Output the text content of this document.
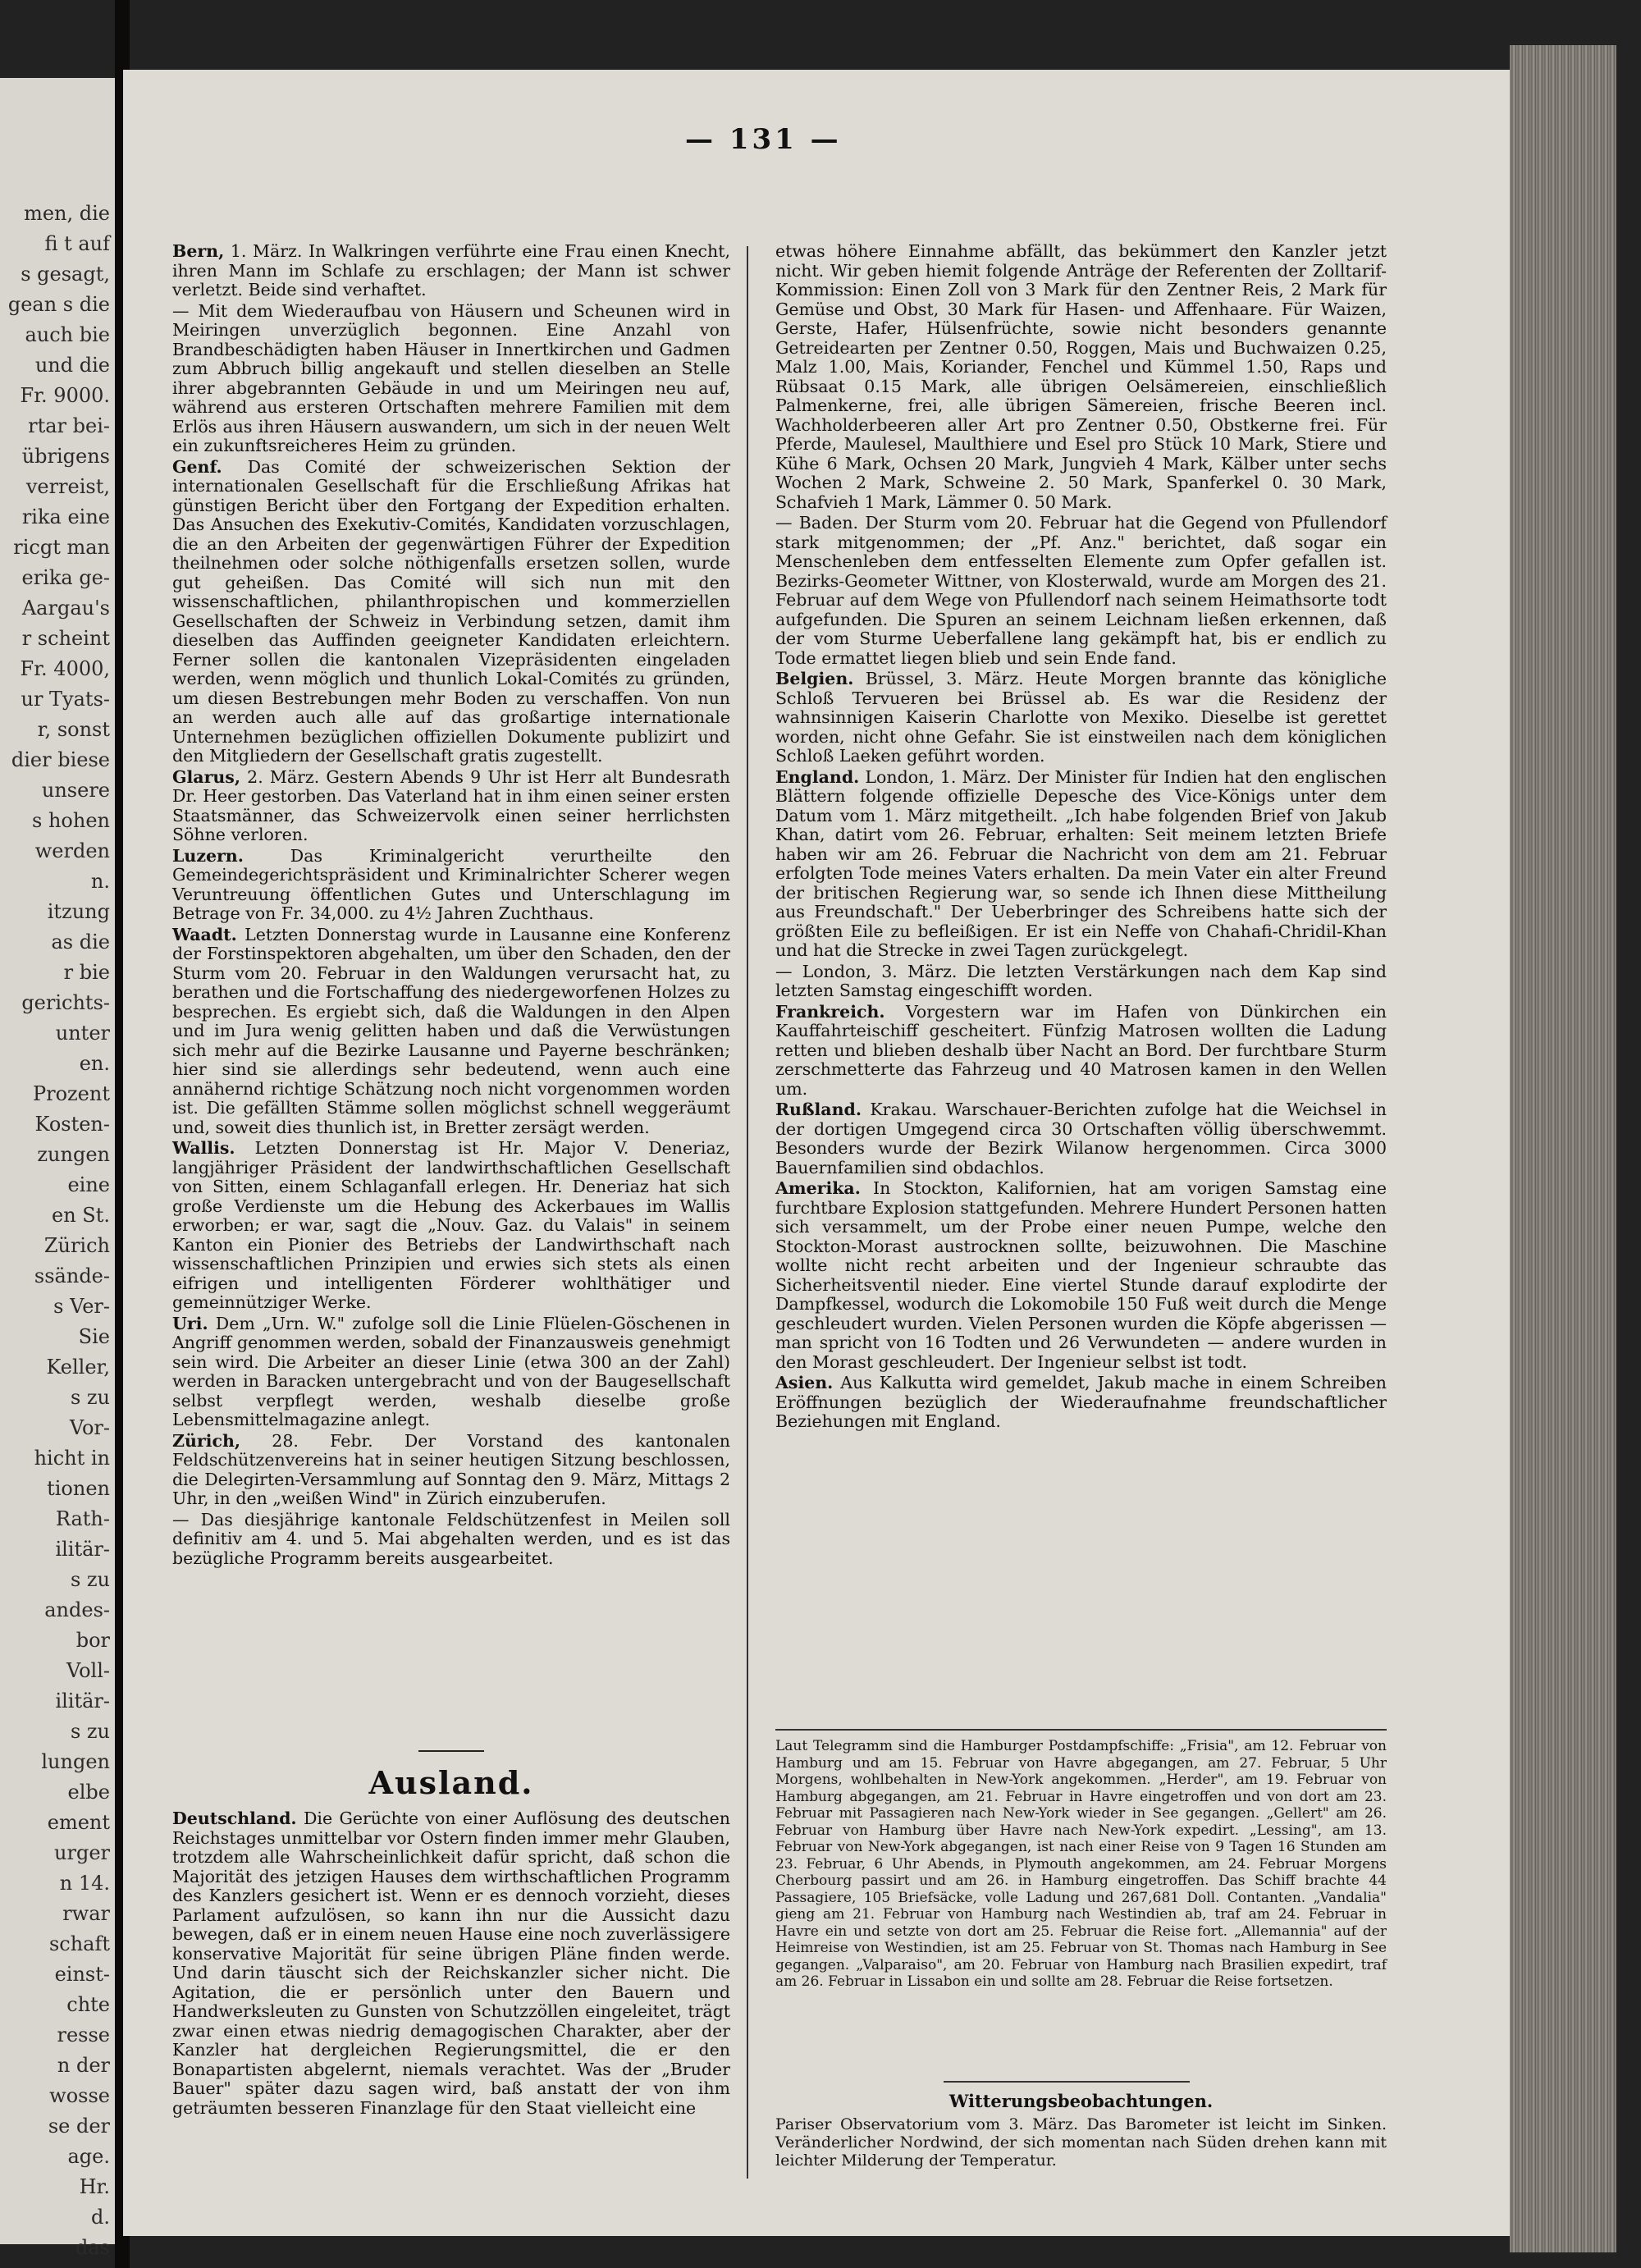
men, die
fi t auf
s gesagt,
gean s die
auch bie
und die
Fr. 9000.
rtar bei-
übrigens
verreist,
rika eine
ricgt man
erika ge-
Aargau's
r scheint
Fr. 4000,
ur Tyats-
r, sonst
dier biese
unsere
s hohen
werden
n.
itzung
as die
r bie
gerichts-
unter
en.
Prozent
Kosten-
zungen
eine
en St.
Zürich
ssände-
s Ver-
Sie
Keller,
s zu
Vor-
hicht in
tionen
Rath-
ilitär-
s zu
andes-
bor
Voll-
ilitär-
s zu
lungen
elbe
ement
urger
n 14.
rwar
schaft
einst-
chte
resse
n der
wosse
se der
age.
Hr.
d.
das
— 131 —

Bern, 1. März. In Walkringen verführte eine Frau einen Knecht, ihren Mann im Schlafe zu erschlagen; der Mann ist schwer verletzt. Beide sind verhaftet.

— Mit dem Wiederaufbau von Häusern und Scheunen wird in Meiringen unverzüglich begonnen. Eine Anzahl von Brandbeschädigten haben Häuser in Innertkirchen und Gadmen zum Abbruch billig angekauft und stellen dieselben an Stelle ihrer abgebrannten Gebäude in und um Meiringen neu auf, während aus ersteren Ortschaften mehrere Familien mit dem Erlös aus ihren Häusern auswandern, um sich in der neuen Welt ein zukunftsreicheres Heim zu gründen.

Genf. Das Comité der schweizerischen Sektion der internationalen Gesellschaft für die Erschließung Afrikas hat günstigen Bericht über den Fortgang der Expedition erhalten. Das Ansuchen des Exekutiv-Comités, Kandidaten vorzuschlagen, die an den Arbeiten der gegenwärtigen Führer der Expedition theilnehmen oder solche nöthigenfalls ersetzen sollen, wurde gut geheißen. Das Comité will sich nun mit den wissenschaftlichen, philanthropischen und kommerziellen Gesellschaften der Schweiz in Verbindung setzen, damit ihm dieselben das Auffinden geeigneter Kandidaten erleichtern. Ferner sollen die kantonalen Vizepräsidenten eingeladen werden, wenn möglich und thunlich Lokal-Comités zu gründen, um diesen Bestrebungen mehr Boden zu verschaffen. Von nun an werden auch alle auf das großartige internationale Unternehmen bezüglichen offiziellen Dokumente publizirt und den Mitgliedern der Gesellschaft gratis zugestellt.

Glarus, 2. März. Gestern Abends 9 Uhr ist Herr alt Bundesrath Dr. Heer gestorben. Das Vaterland hat in ihm einen seiner ersten Staatsmänner, das Schweizervolk einen seiner herrlichsten Söhne verloren.

Luzern. Das Kriminalgericht verurtheilte den Gemeindegerichtspräsident und Kriminalrichter Scherer wegen Veruntreuung öffentlichen Gutes und Unterschlagung im Betrage von Fr. 34,000. zu 4½ Jahren Zuchthaus.

Waadt. Letzten Donnerstag wurde in Lausanne eine Konferenz der Forstinspektoren abgehalten, um über den Schaden, den der Sturm vom 20. Februar in den Waldungen verursacht hat, zu berathen und die Fortschaffung des niedergeworfenen Holzes zu besprechen. Es ergiebt sich, daß die Waldungen in den Alpen und im Jura wenig gelitten haben und daß die Verwüstungen sich mehr auf die Bezirke Lausanne und Payerne beschränken; hier sind sie allerdings sehr bedeutend, wenn auch eine annähernd richtige Schätzung noch nicht vorgenommen worden ist. Die gefällten Stämme sollen möglichst schnell weggeräumt und, soweit dies thunlich ist, in Bretter zersägt werden.

Wallis. Letzten Donnerstag ist Hr. Major V. Deneriaz, langjähriger Präsident der landwirthschaftlichen Gesellschaft von Sitten, einem Schlaganfall erlegen. Hr. Deneriaz hat sich große Verdienste um die Hebung des Ackerbaues im Wallis erworben; er war, sagt die „Nouv. Gaz. du Valais" in seinem Kanton ein Pionier des Betriebs der Landwirthschaft nach wissenschaftlichen Prinzipien und erwies sich stets als einen eifrigen und intelligenten Förderer wohlthätiger und gemeinnütziger Werke.

Uri. Dem „Urn. W." zufolge soll die Linie Flüelen-Göschenen in Angriff genommen werden, sobald der Finanzausweis genehmigt sein wird. Die Arbeiter an dieser Linie (etwa 300 an der Zahl) werden in Baracken untergebracht und von der Baugesellschaft selbst verpflegt werden, weshalb dieselbe große Lebensmittelmagazine anlegt.

Zürich, 28. Febr. Der Vorstand des kantonalen Feldschützenvereins hat in seiner heutigen Sitzung beschlossen, die Delegirten-Versammlung auf Sonntag den 9. März, Mittags 2 Uhr, in den „weißen Wind" in Zürich einzuberufen.

— Das diesjährige kantonale Feldschützenfest in Meilen soll definitiv am 4. und 5. Mai abgehalten werden, und es ist das bezügliche Programm bereits ausgearbeitet.

Ausland.

Deutschland. Die Gerüchte von einer Auflösung des deutschen Reichstages unmittelbar vor Ostern finden immer mehr Glauben, trotzdem alle Wahrscheinlichkeit dafür spricht, daß schon die Majorität des jetzigen Hauses dem wirthschaftlichen Programm des Kanzlers gesichert ist. Wenn er es dennoch vorzieht, dieses Parlament aufzulösen, so kann ihn nur die Aussicht dazu bewegen, daß er in einem neuen Hause eine noch zuverlässigere konservative Majorität für seine übrigen Pläne finden werde. Und darin täuscht sich der Reichskanzler sicher nicht. Die Agitation, die er persönlich unter den Bauern und Handwerksleuten zu Gunsten von Schutzzöllen eingeleitet, trägt zwar einen etwas niedrig demagogischen Charakter, aber der Kanzler hat dergleichen Regierungsmittel, die er den Bonapartisten abgelernt, niemals verachtet. Was der „Bruder Bauer" später dazu sagen wird, baß anstatt der von ihm geträumten besseren Finanzlage für den Staat vielleicht eine

etwas höhere Einnahme abfällt, das bekümmert den Kanzler jetzt nicht. Wir geben hiemit folgende Anträge der Referenten der Zolltarif-Kommission: Einen Zoll von 3 Mark für den Zentner Reis, 2 Mark für Gemüse und Obst, 30 Mark für Hasen- und Affenhaare. Für Waizen, Gerste, Hafer, Hülsenfrüchte, sowie nicht besonders genannte Getreidearten per Zentner 0.50, Roggen, Mais und Buchwaizen 0.25, Malz 1.00, Mais, Koriander, Fenchel und Kümmel 1.50, Raps und Rübsaat 0.15 Mark, alle übrigen Oelsämereien, einschließlich Palmenkerne, frei, alle übrigen Sämereien, frische Beeren incl. Wachholderbeeren aller Art pro Zentner 0.50, Obstkerne frei. Für Pferde, Maulesel, Maulthiere und Esel pro Stück 10 Mark, Stiere und Kühe 6 Mark, Ochsen 20 Mark, Jungvieh 4 Mark, Kälber unter sechs Wochen 2 Mark, Schweine 2. 50 Mark, Spanferkel 0. 30 Mark, Schafvieh 1 Mark, Lämmer 0. 50 Mark.

— Baden. Der Sturm vom 20. Februar hat die Gegend von Pfullendorf stark mitgenommen; der „Pf. Anz." berichtet, daß sogar ein Menschenleben dem entfesselten Elemente zum Opfer gefallen ist. Bezirks-Geometer Wittner, von Klosterwald, wurde am Morgen des 21. Februar auf dem Wege von Pfullendorf nach seinem Heimathsorte todt aufgefunden. Die Spuren an seinem Leichnam ließen erkennen, daß der vom Sturme Ueberfallene lang gekämpft hat, bis er endlich zu Tode ermattet liegen blieb und sein Ende fand.

Belgien. Brüssel, 3. März. Heute Morgen brannte das königliche Schloß Tervueren bei Brüssel ab. Es war die Residenz der wahnsinnigen Kaiserin Charlotte von Mexiko. Dieselbe ist gerettet worden, nicht ohne Gefahr. Sie ist einstweilen nach dem königlichen Schloß Laeken geführt worden.

England. London, 1. März. Der Minister für Indien hat den englischen Blättern folgende offizielle Depesche des Vice-Königs unter dem Datum vom 1. März mitgetheilt. „Ich habe folgenden Brief von Jakub Khan, datirt vom 26. Februar, erhalten: Seit meinem letzten Briefe haben wir am 26. Februar die Nachricht von dem am 21. Februar erfolgten Tode meines Vaters erhalten. Da mein Vater ein alter Freund der britischen Regierung war, so sende ich Ihnen diese Mittheilung aus Freundschaft." Der Ueberbringer des Schreibens hatte sich der größten Eile zu befleißigen. Er ist ein Neffe von Chahafi-Chridil-Khan und hat die Strecke in zwei Tagen zurückgelegt.

— London, 3. März. Die letzten Verstärkungen nach dem Kap sind letzten Samstag eingeschifft worden.

Frankreich. Vorgestern war im Hafen von Dünkirchen ein Kauffahrteischiff gescheitert. Fünfzig Matrosen wollten die Ladung retten und blieben deshalb über Nacht an Bord. Der furchtbare Sturm zerschmetterte das Fahrzeug und 40 Matrosen kamen in den Wellen um.

Rußland. Krakau. Warschauer-Berichten zufolge hat die Weichsel in der dortigen Umgegend circa 30 Ortschaften völlig überschwemmt. Besonders wurde der Bezirk Wilanow hergenommen. Circa 3000 Bauernfamilien sind obdachlos.

Amerika. In Stockton, Kalifornien, hat am vorigen Samstag eine furchtbare Explosion stattgefunden. Mehrere Hundert Personen hatten sich versammelt, um der Probe einer neuen Pumpe, welche den Stockton-Morast austrocknen sollte, beizuwohnen. Die Maschine wollte nicht recht arbeiten und der Ingenieur schraubte das Sicherheitsventil nieder. Eine viertel Stunde darauf explodirte der Dampfkessel, wodurch die Lokomobile 150 Fuß weit durch die Menge geschleudert wurden. Vielen Personen wurden die Köpfe abgerissen — man spricht von 16 Todten und 26 Verwundeten — andere wurden in den Morast geschleudert. Der Ingenieur selbst ist todt.

Asien. Aus Kalkutta wird gemeldet, Jakub mache in einem Schreiben Eröffnungen bezüglich der Wiederaufnahme freundschaftlicher Beziehungen mit England.

Laut Telegramm sind die Hamburger Postdampfschiffe: „Frisia", am 12. Februar von Hamburg und am 15. Februar von Havre abgegangen, am 27. Februar, 5 Uhr Morgens, wohlbehalten in New-York angekommen. „Herder", am 19. Februar von Hamburg abgegangen, am 21. Februar in Havre eingetroffen und von dort am 23. Februar mit Passagieren nach New-York wieder in See gegangen. „Gellert" am 26. Februar von Hamburg über Havre nach New-York expedirt. „Lessing", am 13. Februar von New-York abgegangen, ist nach einer Reise von 9 Tagen 16 Stunden am 23. Februar, 6 Uhr Abends, in Plymouth angekommen, am 24. Februar Morgens Cherbourg passirt und am 26. in Hamburg eingetroffen. Das Schiff brachte 44 Passagiere, 105 Briefsäcke, volle Ladung und 267,681 Doll. Contanten. „Vandalia" gieng am 21. Februar von Hamburg nach Westindien ab, traf am 24. Februar in Havre ein und setzte von dort am 25. Februar die Reise fort. „Allemannia" auf der Heimreise von Westindien, ist am 25. Februar von St. Thomas nach Hamburg in See gegangen. „Valparaiso", am 20. Februar von Hamburg nach Brasilien expedirt, traf am 26. Februar in Lissabon ein und sollte am 28. Februar die Reise fortsetzen.

Witterungsbeobachtungen.
Pariser Observatorium vom 3. März. Das Barometer ist leicht im Sinken. Veränderlicher Nordwind, der sich momentan nach Süden drehen kann mit leichter Milderung der Temperatur.
